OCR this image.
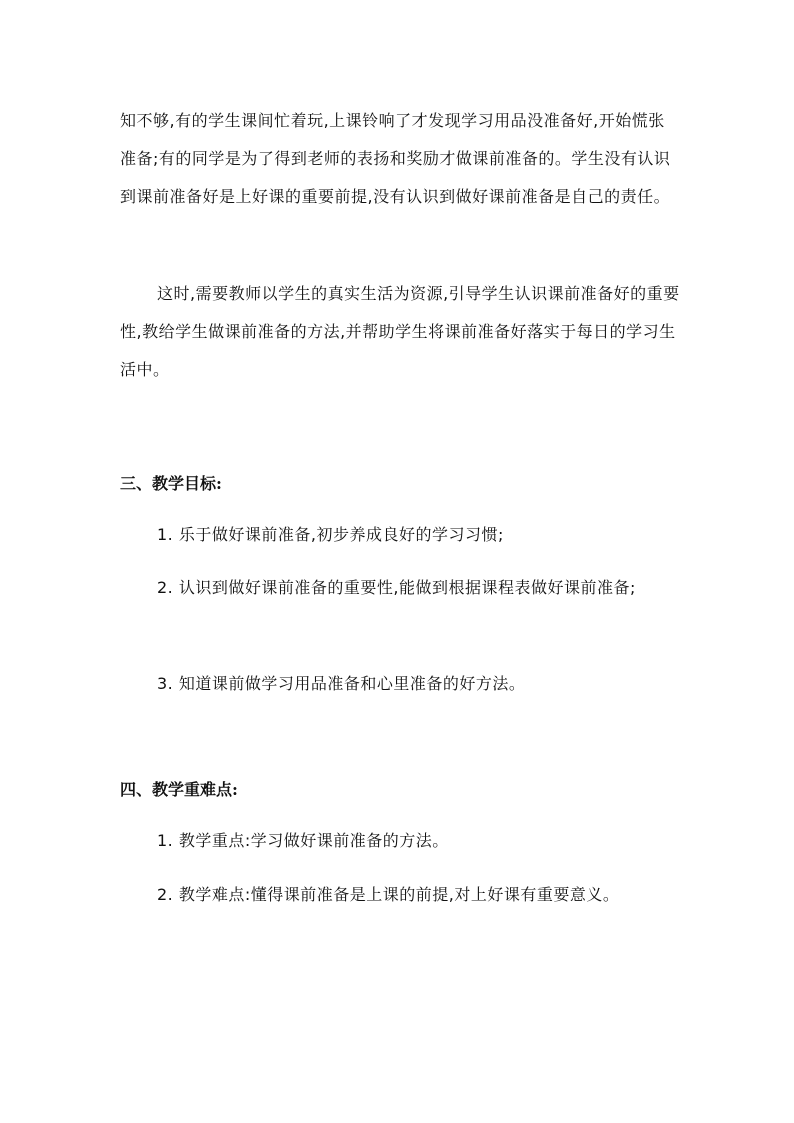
知不够,有的学生课间忙着玩,上课铃响了才发现学习用品没准备好,开始慌张准备;有的同学是为了得到老师的表扬和奖励才做课前准备的。学生没有认识到课前准备好是上好课的重要前提,没有认识到做好课前准备是自己的责任。

这时,需要教师以学生的真实生活为资源,引导学生认识课前准备好的重要性,教给学生做课前准备的方法,并帮助学生将课前准备好落实于每日的学习生活中。

三、教学目标:

1. 乐于做好课前准备,初步养成良好的学习习惯;

2. 认识到做好课前准备的重要性,能做到根据课程表做好课前准备;

3. 知道课前做学习用品准备和心里准备的好方法。

四、教学重难点:

1. 教学重点:学习做好课前准备的方法。

2. 教学难点:懂得课前准备是上课的前提,对上好课有重要意义。
